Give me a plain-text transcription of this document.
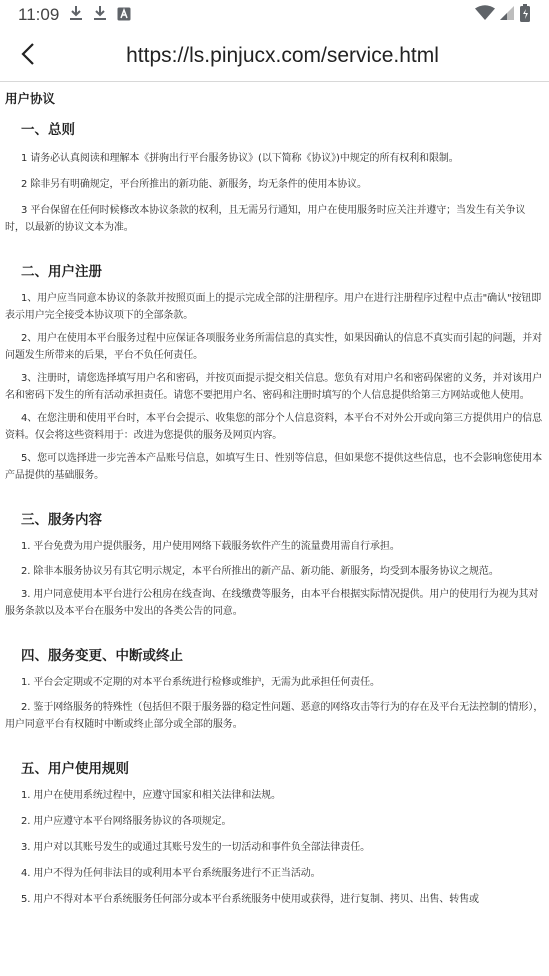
11:09
https://ls.pinjucx.com/service.html
用户协议
一、总则

1 请务必认真阅读和理解本《拼驹出行平台服务协议》(以下简称《协议》)中规定的所有权利和限制。

2 除非另有明确规定，平台所推出的新功能、新服务，均无条件的使用本协议。

3 平台保留在任何时候修改本协议条款的权利，且无需另行通知，用户在使用服务时应关注并遵守；当发生有关争议时，以最新的协议文本为准。

二、用户注册

1、用户应当同意本协议的条款并按照页面上的提示完成全部的注册程序。用户在进行注册程序过程中点击"确认"按钮即表示用户完全接受本协议项下的全部条款。

2、用户在使用本平台服务过程中应保证各项服务业务所需信息的真实性，如果因确认的信息不真实而引起的问题，并对问题发生所带来的后果，平台不负任何责任。

3、注册时，请您选择填写用户名和密码，并按页面提示提交相关信息。您负有对用户名和密码保密的义务，并对该用户名和密码下发生的所有活动承担责任。请您不要把用户名、密码和注册时填写的个人信息提供给第三方网站或他人使用。

4、在您注册和使用平台时，本平台会提示、收集您的部分个人信息资料，本平台不对外公开或向第三方提供用户的信息资料。仅会将这些资料用于：改进为您提供的服务及网页内容。

5、您可以选择进一步完善本产品账号信息，如填写生日、性别等信息，但如果您不提供这些信息，也不会影响您使用本产品提供的基础服务。

三、服务内容

1. 平台免费为用户提供服务，用户使用网络下载服务软件产生的流量费用需自行承担。

2. 除非本服务协议另有其它明示规定，本平台所推出的新产品、新功能、新服务，均受到本服务协议之规范。

3. 用户同意使用本平台进行公租房在线查询、在线缴费等服务，由本平台根据实际情况提供。用户的使用行为视为其对服务条款以及本平台在服务中发出的各类公告的同意。

四、服务变更、中断或终止

1. 平台会定期或不定期的对本平台系统进行检修或维护，无需为此承担任何责任。

2. 鉴于网络服务的特殊性（包括但不限于服务器的稳定性问题、恶意的网络攻击等行为的存在及平台无法控制的情形），用户同意平台有权随时中断或终止部分或全部的服务。

五、用户使用规则

1. 用户在使用系统过程中，应遵守国家和相关法律和法规。

2. 用户应遵守本平台网络服务协议的各项规定。

3. 用户对以其账号发生的或通过其账号发生的一切活动和事件负全部法律责任。

4. 用户不得为任何非法目的或利用本平台系统服务进行不正当活动。

5. 用户不得对本平台系统服务任何部分或本平台系统服务中使用或获得，进行复制、拷贝、出售、转售或
